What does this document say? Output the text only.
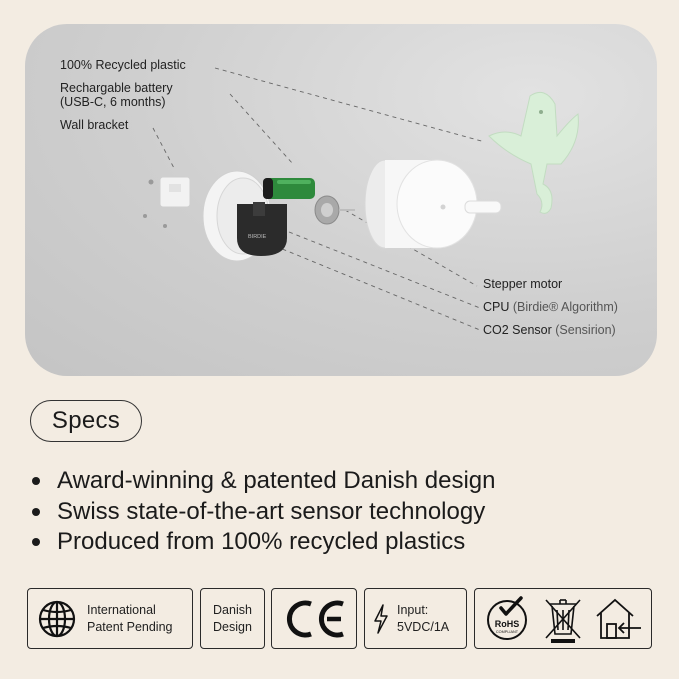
BIRDIE
100% Recycled plastic
Rechargable battery
(USB-C, 6 months)
Wall bracket
Stepper motor
CPU (Birdie® Algorithm)
CO2 Sensor (Sensirion)
Specs
Award-winning & patented Danish design
Swiss state-of-the-art sensor technology
Produced from 100% recycled plastics
International
Patent Pending
Danish
Design
CE
Input:
5VDC/1A	RoHS
COMPLIANT
